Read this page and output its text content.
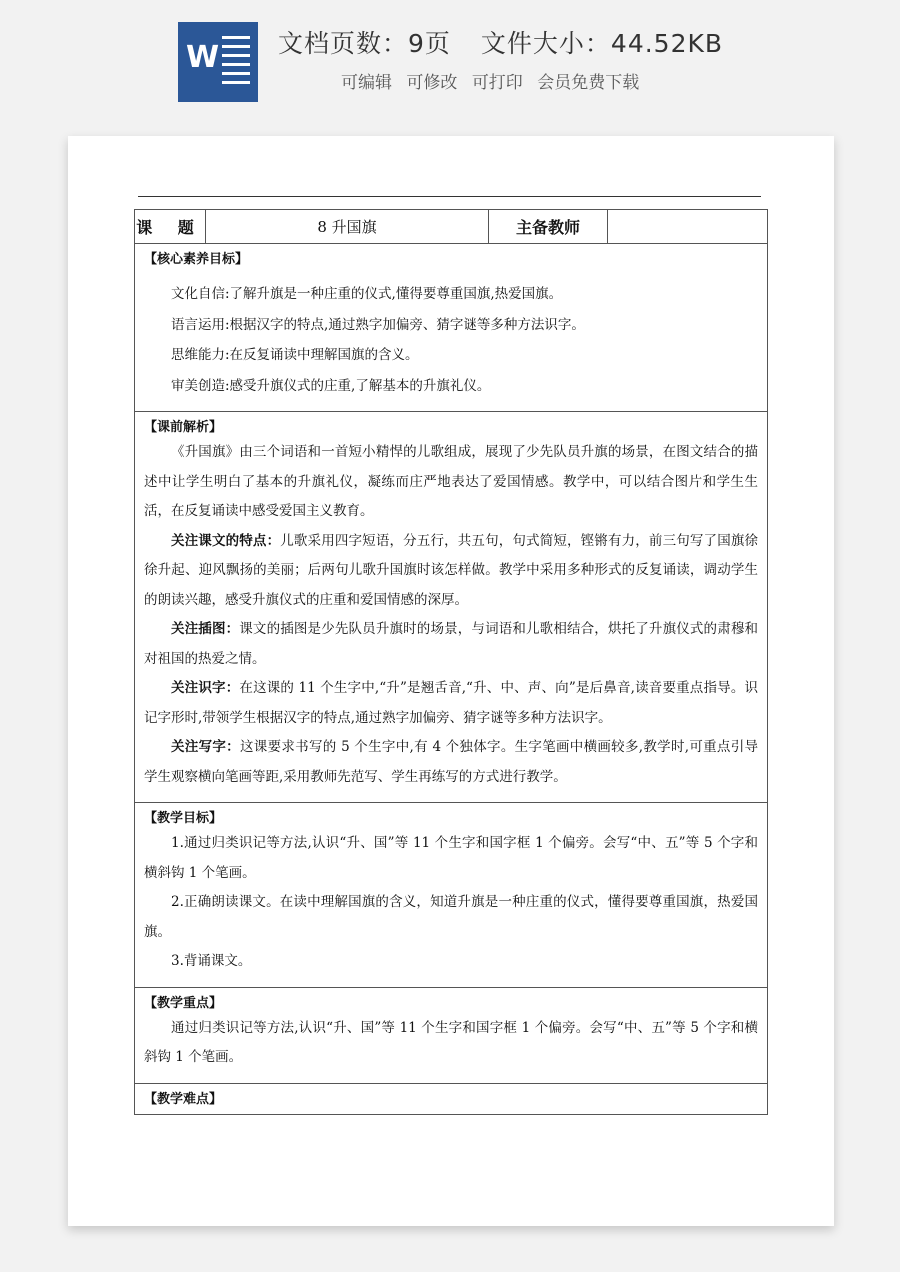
W 文档页数：9页 文件大小：44.52KB
可编辑 可修改 可打印 会员免费下载
课 题	8 升国旗	主备教师
【核心素养目标】

文化自信:了解升旗是一种庄重的仪式,懂得要尊重国旗,热爱国旗。

语言运用:根据汉字的特点,通过熟字加偏旁、猜字谜等多种方法识字。

思维能力:在反复诵读中理解国旗的含义。

审美创造:感受升旗仪式的庄重,了解基本的升旗礼仪。

【课前解析】

《升国旗》由三个词语和一首短小精悍的儿歌组成，展现了少先队员升旗的场景，在图文结合的描述中让学生明白了基本的升旗礼仪，凝练而庄严地表达了爱国情感。教学中，可以结合图片和学生生活，在反复诵读中感受爱国主义教育。

关注课文的特点：儿歌采用四字短语，分五行，共五句，句式简短，铿锵有力，前三句写了国旗徐徐升起、迎风飘扬的美丽；后两句儿歌升国旗时该怎样做。教学中采用多种形式的反复诵读，调动学生的朗读兴趣，感受升旗仪式的庄重和爱国情感的深厚。

关注插图：课文的插图是少先队员升旗时的场景，与词语和儿歌相结合，烘托了升旗仪式的肃穆和对祖国的热爱之情。

关注识字：在这课的 11 个生字中,“升”是翘舌音,“升、中、声、向”是后鼻音,读音要重点指导。识记字形时,带领学生根据汉字的特点,通过熟字加偏旁、猜字谜等多种方法识字。

关注写字：这课要求书写的 5 个生字中,有 4 个独体字。生字笔画中横画较多,教学时,可重点引导学生观察横向笔画等距,采用教师先范写、学生再练写的方式进行教学。

【教学目标】

1.通过归类识记等方法,认识“升、国”等 11 个生字和国字框 1 个偏旁。会写“中、五”等 5 个字和横斜钩 1 个笔画。

2.正确朗读课文。在读中理解国旗的含义，知道升旗是一种庄重的仪式，懂得要尊重国旗，热爱国旗。

3.背诵课文。

【教学重点】

通过归类识记等方法,认识“升、国”等 11 个生字和国字框 1 个偏旁。会写“中、五”等 5 个字和横斜钩 1 个笔画。

【教学难点】
